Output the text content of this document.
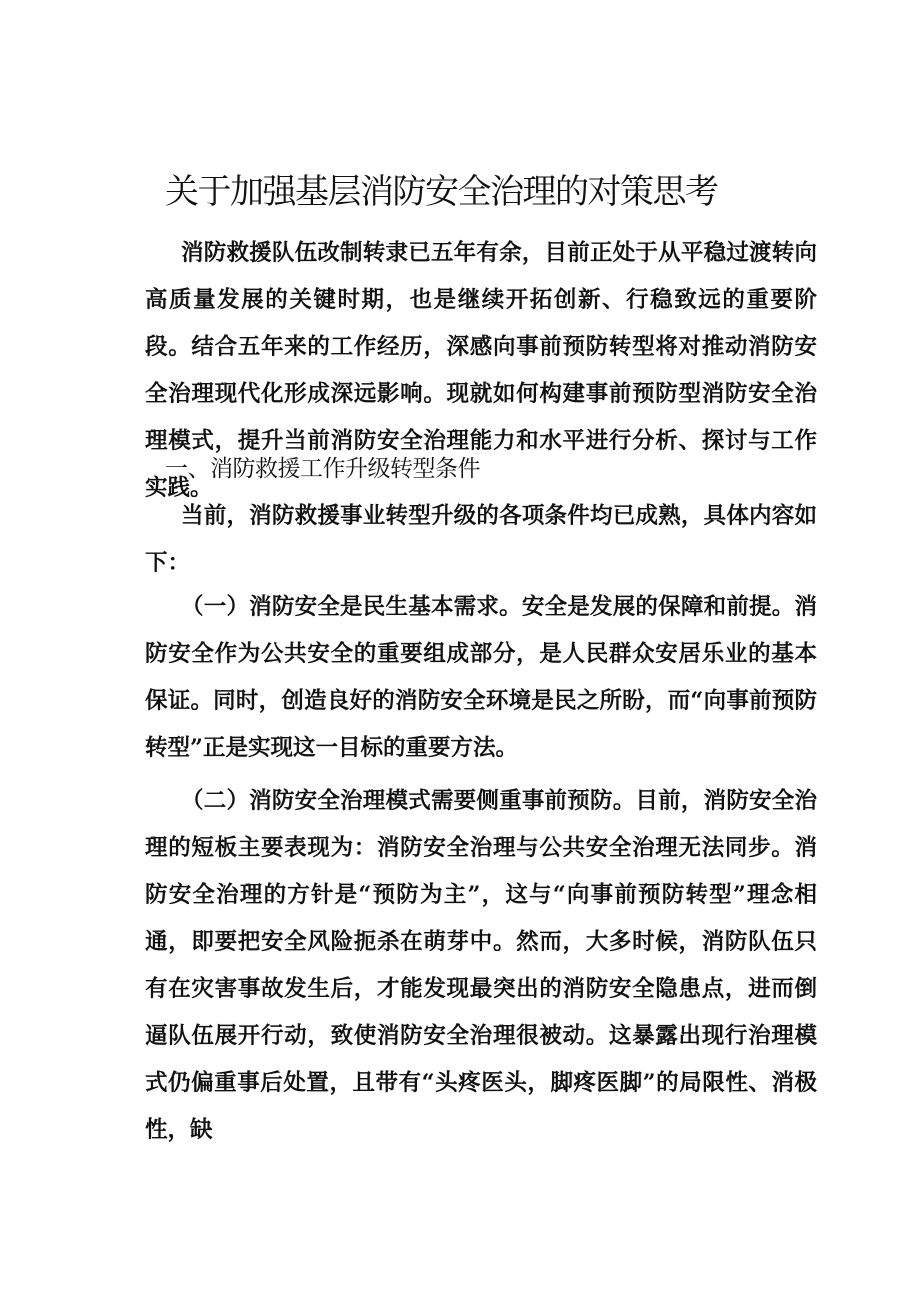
关于加强基层消防安全治理的对策思考

消防救援队伍改制转隶已五年有余，目前正处于从平稳过渡转向高质量发展的关键时期，也是继续开拓创新、行稳致远的重要阶段。结合五年来的工作经历，深感向事前预防转型将对推动消防安全治理现代化形成深远影响。现就如何构建事前预防型消防安全治理模式，提升当前消防安全治理能力和水平进行分析、探讨与工作实践。

一、消防救援工作升级转型条件

当前，消防救援事业转型升级的各项条件均已成熟，具体内容如下：

（一）消防安全是民生基本需求。安全是发展的保障和前提。消防安全作为公共安全的重要组成部分，是人民群众安居乐业的基本保证。同时，创造良好的消防安全环境是民之所盼，而“向事前预防转型”正是实现这一目标的重要方法。

（二）消防安全治理模式需要侧重事前预防。目前，消防安全治理的短板主要表现为：消防安全治理与公共安全治理无法同步。消防安全治理的方针是“预防为主”，这与“向事前预防转型”理念相通，即要把安全风险扼杀在萌芽中。然而，大多时候，消防队伍只有在灾害事故发生后，才能发现最突出的消防安全隐患点，进而倒逼队伍展开行动，致使消防安全治理很被动。这暴露出现行治理模式仍偏重事后处置，且带有“头疼医头，脚疼医脚”的局限性、消极性，缺
